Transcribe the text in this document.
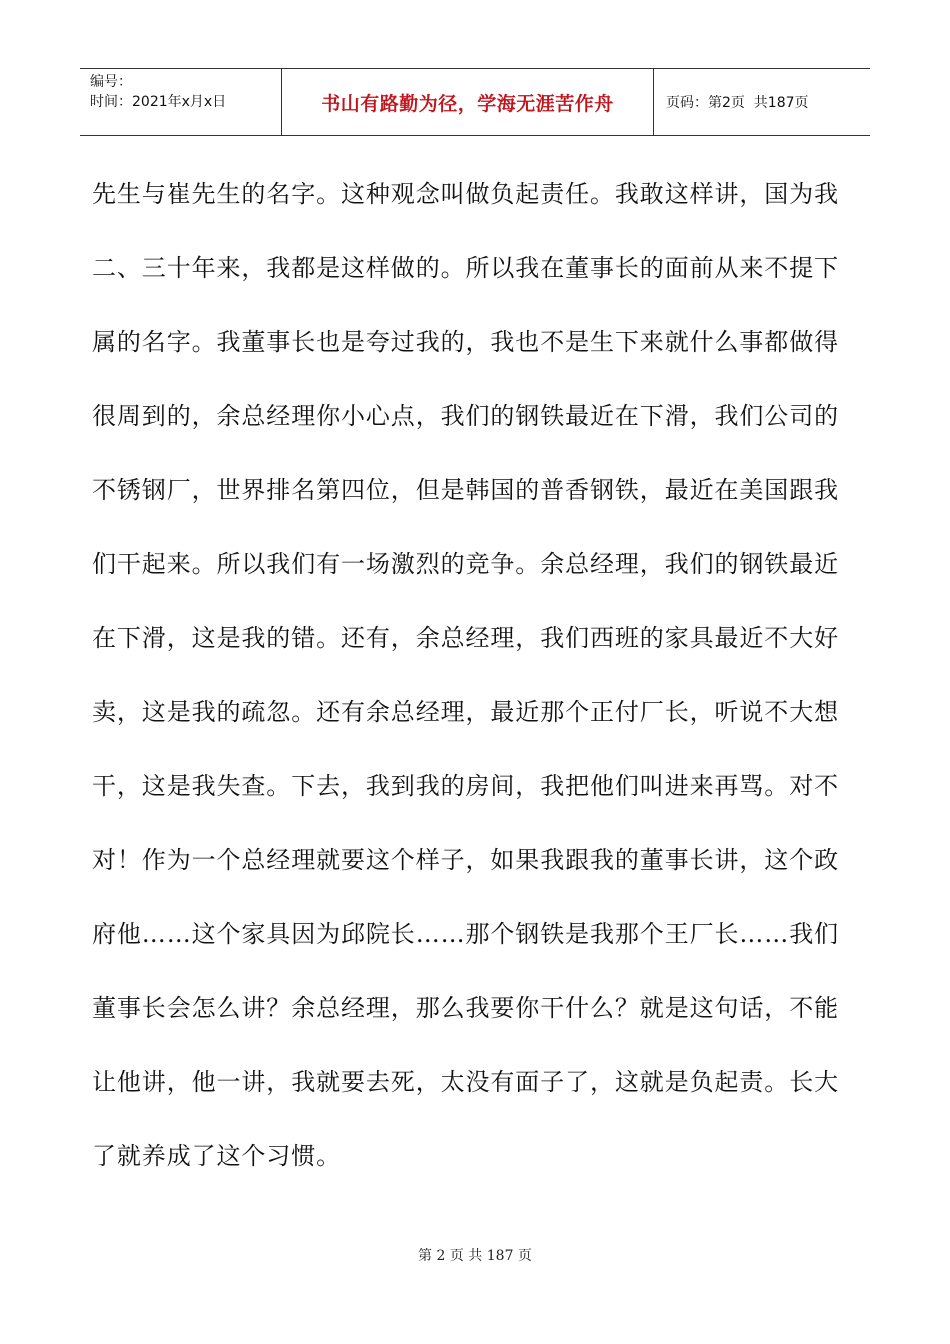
编号：
时间：2021年x月x日	书山有路勤为径，学海无涯苦作舟	页码：第2页  共187页
先生与崔先生的名字。这种观念叫做负起责任。我敢这样讲，国为我
二、三十年来，我都是这样做的。所以我在董事长的面前从来不提下
属的名字。我董事长也是夸过我的，我也不是生下来就什么事都做得
很周到的，余总经理你小心点，我们的钢铁最近在下滑，我们公司的
不锈钢厂，世界排名第四位，但是韩国的普香钢铁，最近在美国跟我
们干起来。所以我们有一场激烈的竞争。余总经理，我们的钢铁最近
在下滑，这是我的错。还有，余总经理，我们西班的家具最近不大好
卖，这是我的疏忽。还有余总经理，最近那个正付厂长，听说不大想
干，这是我失查。下去，我到我的房间，我把他们叫进来再骂。对不
对！作为一个总经理就要这个样子，如果我跟我的董事长讲，这个政
府他……这个家具因为邱院长……那个钢铁是我那个王厂长……我们
董事长会怎么讲？余总经理，那么我要你干什么？就是这句话，不能
让他讲，他一讲，我就要去死，太没有面子了，这就是负起责。长大
了就养成了这个习惯。
第 2 页 共 187 页
